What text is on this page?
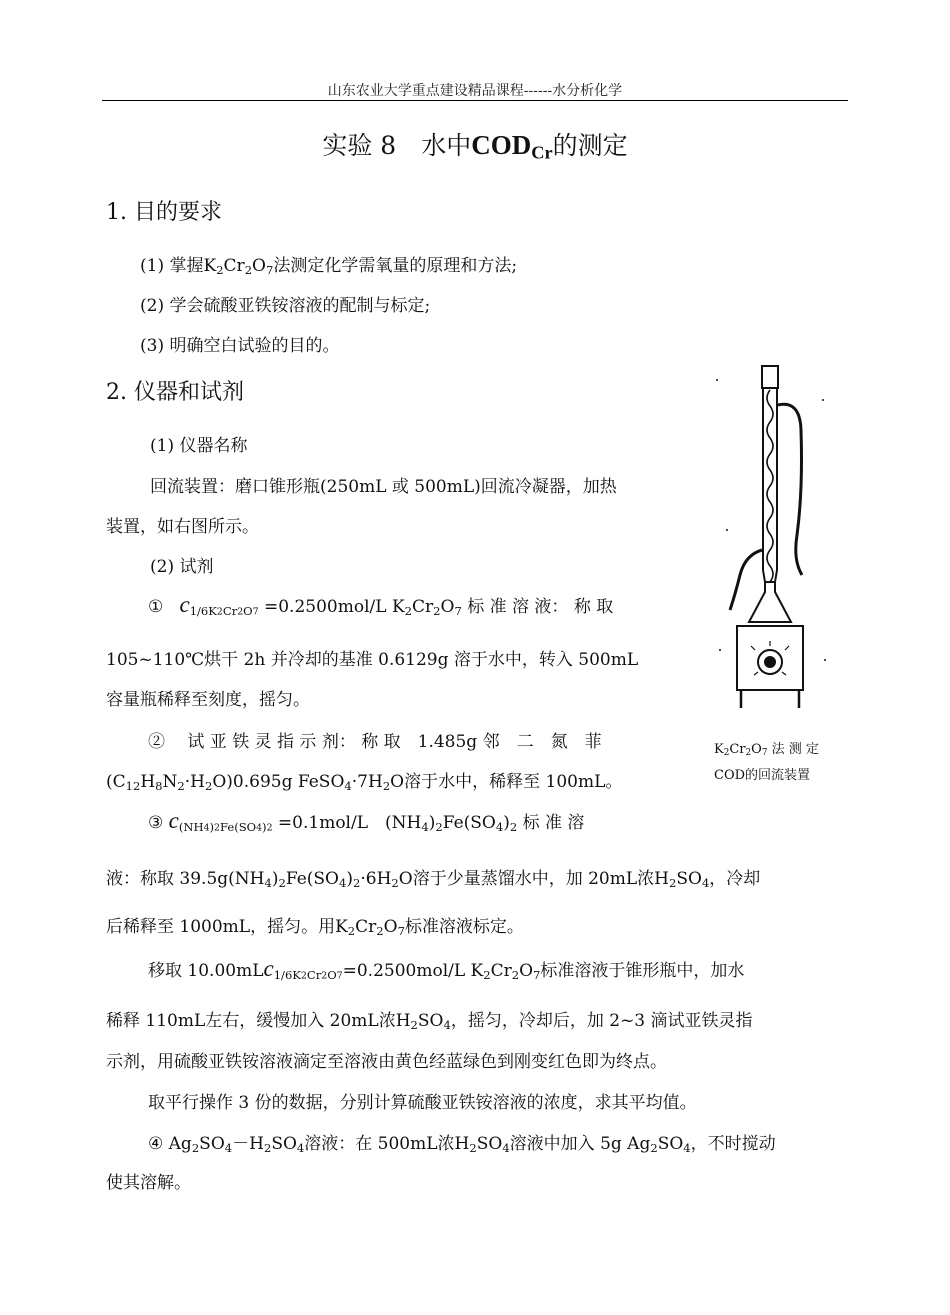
山东农业大学重点建设精品课程------水分析化学
实验 8　水中$COD_{Cr}$的测定
1. 目的要求
(1) 掌握$K_2Cr_2O_7$法测定化学需氧量的原理和方法;
(2) 学会硫酸亚铁铵溶液的配制与标定;
(3) 明确空白试验的目的。
2. 仪器和试剂
(1) 仪器名称
回流装置：磨口锥形瓶(250mL 或 500mL)回流冷凝器，加热
装置，如右图所示。
(2) 试剂
① $c_{1/6K2Cr2O7} =0.2500mol/L$ $K_2Cr_2O_7$ 标 准 溶 液： 称 取
105~110℃烘干 2h 并冷却的基准 0.6129g 溶于水中，转入 500mL
容量瓶稀释至刻度，摇匀。
②　 试 亚 铁 灵 指 示 剂： 称 取　1.485g 邻　二　氮　菲
$(C_{12}H_8N_2\cdot H_2O)0.695g$ $FeSO_4\cdot 7H_2O$溶于水中，稀释至 100mL。
③ $c_{(NH4)2Fe(SO4)2} =0.1mol/L$　$(NH_4)_2Fe(SO_4)_2$ 标 准 溶
液：称取 $39.5g(NH_4)_2Fe(SO_4)_2\cdot 6H_2O$溶于少量蒸馏水中，加 20mL浓$H_2SO_4$，冷却
后稀释至 1000mL，摇匀。用$K_2Cr_2O_7$标准溶液标定。
移取 10.00mLc$_{1/6K2Cr2O7}$=0.2500mol/L $K_2Cr_2O_7$标准溶液于锥形瓶中，加水
稀释 110mL左右，缓慢加入 20mL浓$H_2SO_4$，摇匀，冷却后，加 2~3 滴试亚铁灵指
示剂，用硫酸亚铁铵溶液滴定至溶液由黄色经蓝绿色到刚变红色即为终点。
取平行操作 3 份的数据，分别计算硫酸亚铁铵溶液的浓度，求其平均值。
④ $Ag_2SO_4-H_2SO_4$溶液：在 500mL浓$H_2SO_4$溶液中加入 5g $Ag_2SO_4$，不时搅动
使其溶解。
$K_2Cr_2O_7$ 法 测 定
COD的回流装置
